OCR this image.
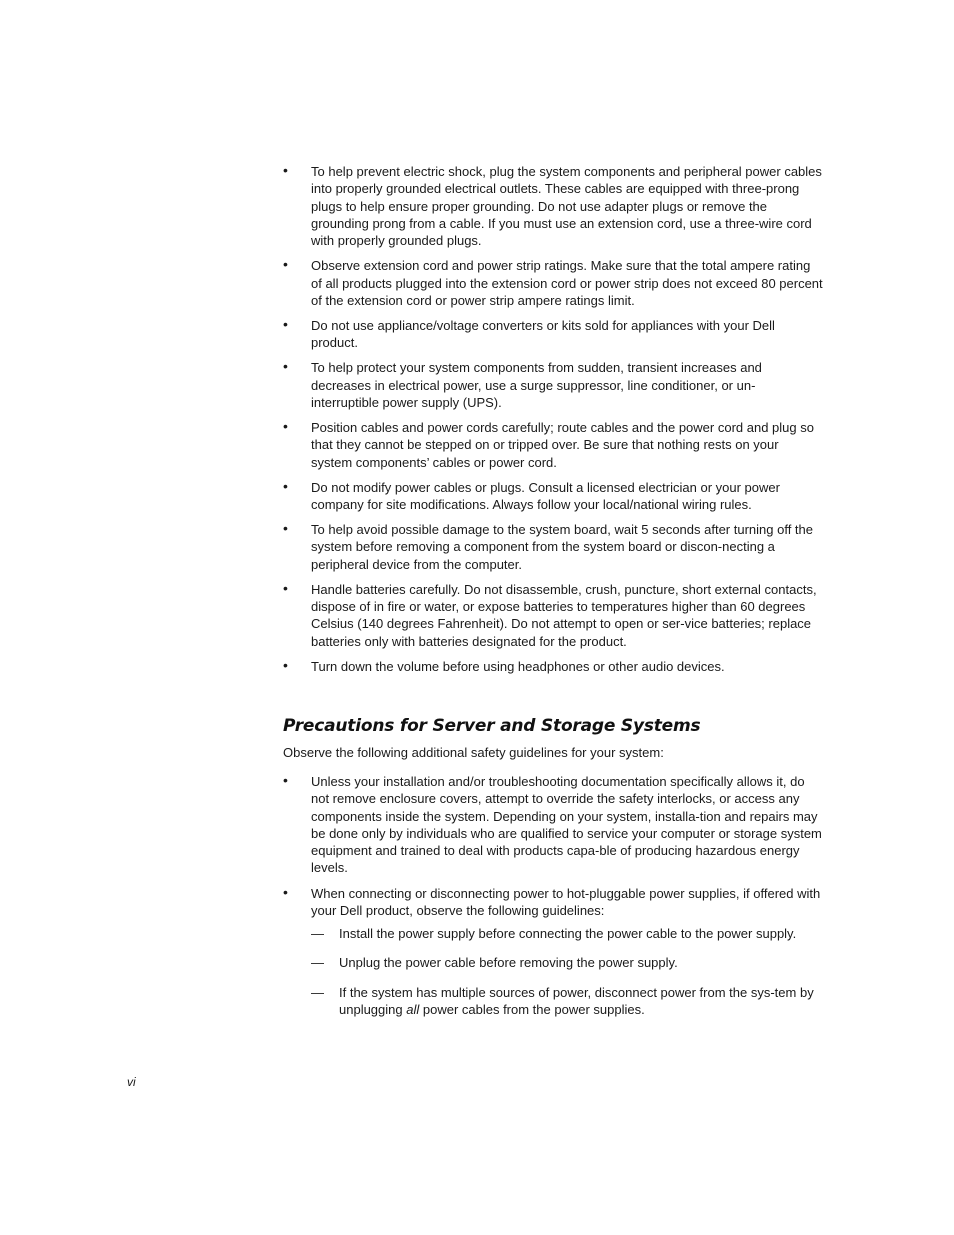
•	To help prevent electric shock, plug the system components and peripheral power cables into properly grounded electrical outlets. These cables are equipped with three-prong plugs to help ensure proper grounding. Do not use adapter plugs or remove the grounding prong from a cable. If you must use an extension cord, use a three-wire cord with properly grounded plugs.
•	Observe extension cord and power strip ratings. Make sure that the total ampere rating of all products plugged into the extension cord or power strip does not exceed 80 percent of the extension cord or power strip ampere ratings limit.
•	Do not use appliance/voltage converters or kits sold for appliances with your Dell product.
•	To help protect your system components from sudden, transient increases and decreases in electrical power, use a surge suppressor, line conditioner, or un-interruptible power supply (UPS).
•	Position cables and power cords carefully; route cables and the power cord and plug so that they cannot be stepped on or tripped over. Be sure that nothing rests on your system components’ cables or power cord.
•	Do not modify power cables or plugs. Consult a licensed electrician or your power company for site modifications. Always follow your local/national wiring rules.
•	To help avoid possible damage to the system board, wait 5 seconds after turning off the system before removing a component from the system board or discon-necting a peripheral device from the computer.
•	Handle batteries carefully. Do not disassemble, crush, puncture, short external contacts, dispose of in fire or water, or expose batteries to temperatures higher than 60 degrees Celsius (140 degrees Fahrenheit). Do not attempt to open or ser-vice batteries; replace batteries only with batteries designated for the product.
•	Turn down the volume before using headphones or other audio devices.
Precautions for Server and Storage Systems

Observe the following additional safety guidelines for your system:

•	Unless your installation and/or troubleshooting documentation specifically allows it, do not remove enclosure covers, attempt to override the safety interlocks, or access any components inside the system. Depending on your system, installa-tion and repairs may be done only by individuals who are qualified to service your computer or storage system equipment and trained to deal with products capa-ble of producing hazardous energy levels.
•	When connecting or disconnecting power to hot-pluggable power supplies, if offered with your Dell product, observe the following guidelines:
— Install the power supply before connecting the power cable to the power supply.
— Unplug the power cable before removing the power supply.
— If the system has multiple sources of power, disconnect power from the sys-tem by unplugging all power cables from the power supplies.
vi
